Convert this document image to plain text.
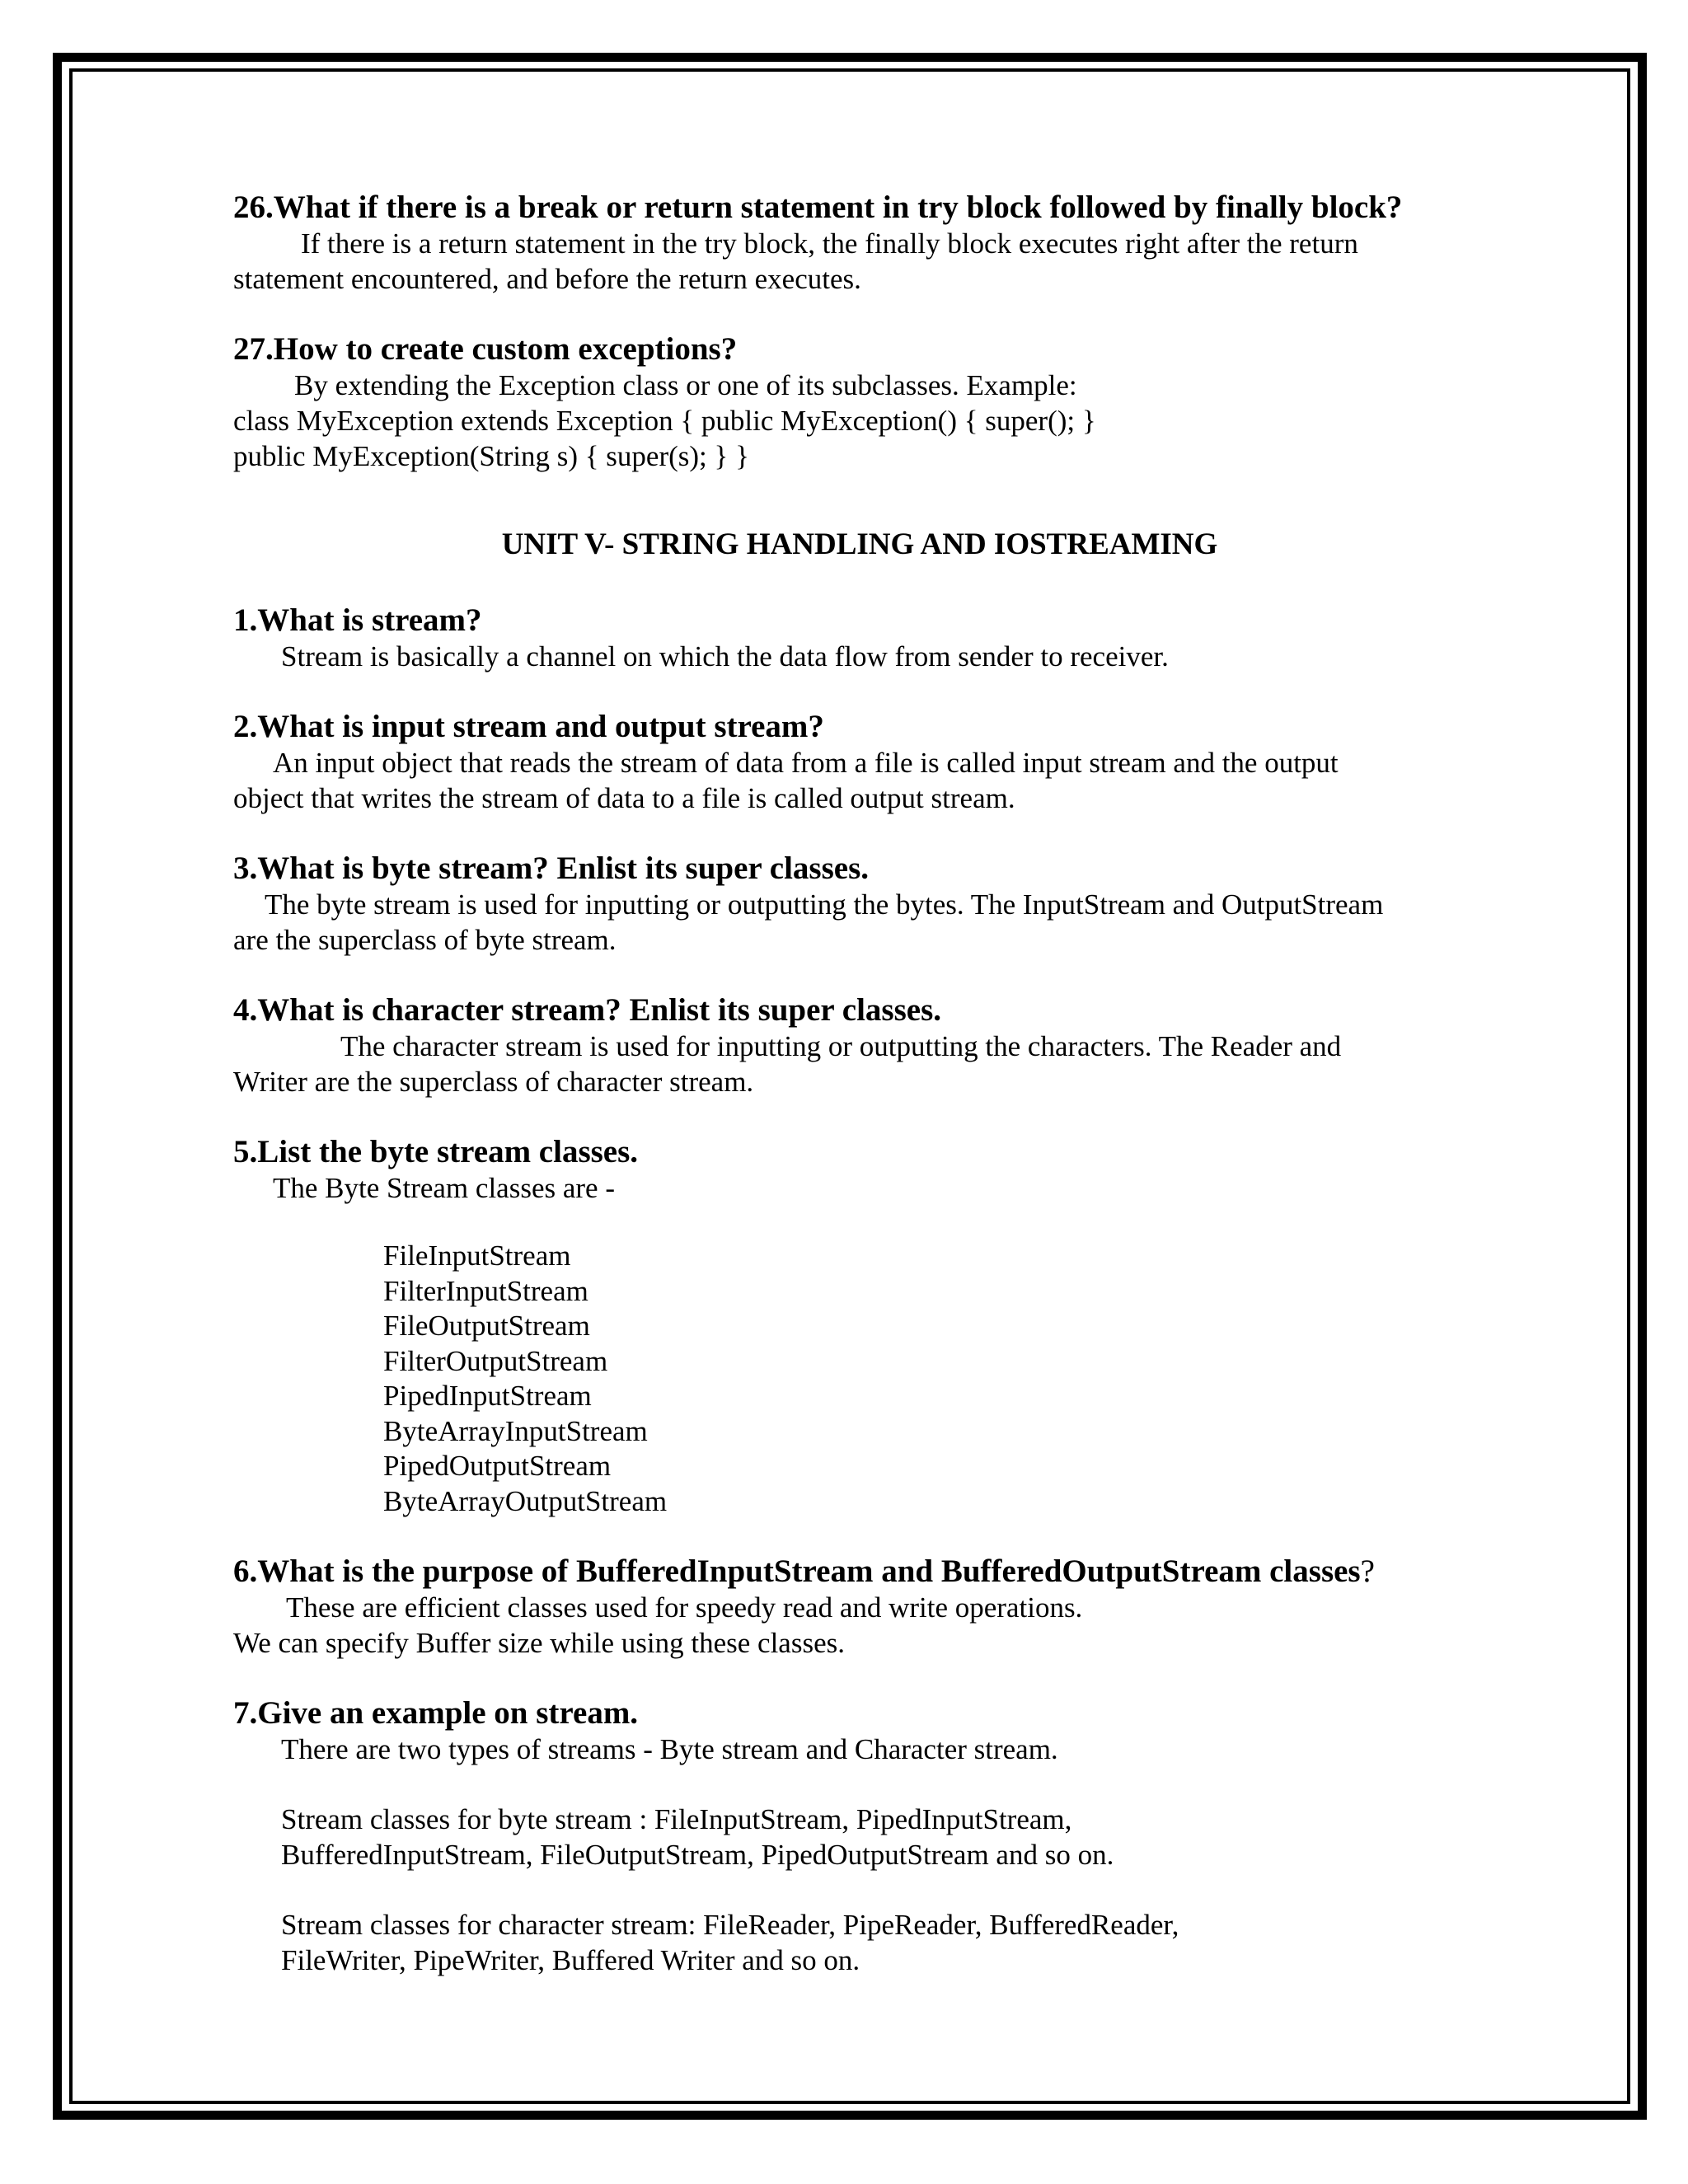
26.What if there is a break or return statement in try block followed by finally block?

If there is a return statement in the try block, the finally block executes right after the return

statement encountered, and before the return executes.

27.How to create custom exceptions?

By extending the Exception class or one of its subclasses. Example:

class MyException extends Exception { public MyException() { super(); }

public MyException(String s) { super(s); } }

UNIT V- STRING HANDLING AND IOSTREAMING

1.What is stream?

Stream is basically a channel on which the data flow from sender to receiver.

2.What is input stream and output stream?

An input object that reads the stream of data from a file is called input stream and the output

object that writes the stream of data to a file is called output stream.

3.What is byte stream? Enlist its super classes.

The byte stream is used for inputting or outputting the bytes. The InputStream and OutputStream

are the superclass of byte stream.

4.What is character stream? Enlist its super classes.

The character stream is used for inputting or outputting the characters. The Reader and

Writer are the superclass of character stream.

5.List the byte stream classes.

The Byte Stream classes are -

FileInputStream
FilterInputStream
FileOutputStream
FilterOutputStream
PipedInputStream
ByteArrayInputStream
PipedOutputStream
ByteArrayOutputStream

6.What is the purpose of BufferedInputStream and BufferedOutputStream classes?

These are efficient classes used for speedy read and write operations.

We can specify Buffer size while using these classes.

7.Give an example on stream.

There are two types of streams - Byte stream and Character stream.

Stream classes for byte stream : FileInputStream, PipedInputStream,

BufferedInputStream, FileOutputStream, PipedOutputStream and so on.

Stream classes for character stream: FileReader, PipeReader, BufferedReader,

FileWriter, PipeWriter, Buffered Writer and so on.
